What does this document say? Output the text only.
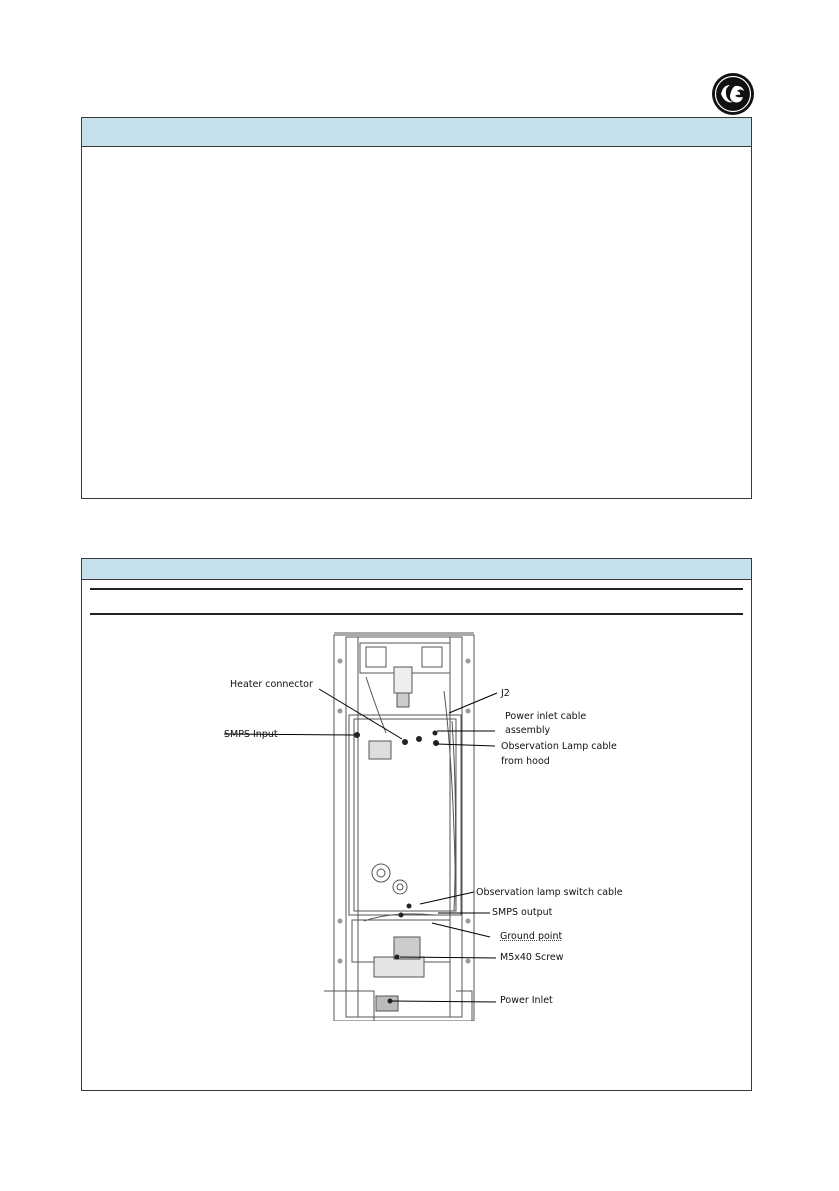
Heater connector
SMPS Input
J2
Power inlet cable
assembly
Observation Lamp cable
from hood
Observation lamp switch cable
SMPS output
Ground point
M5x40 Screw
Power Inlet
